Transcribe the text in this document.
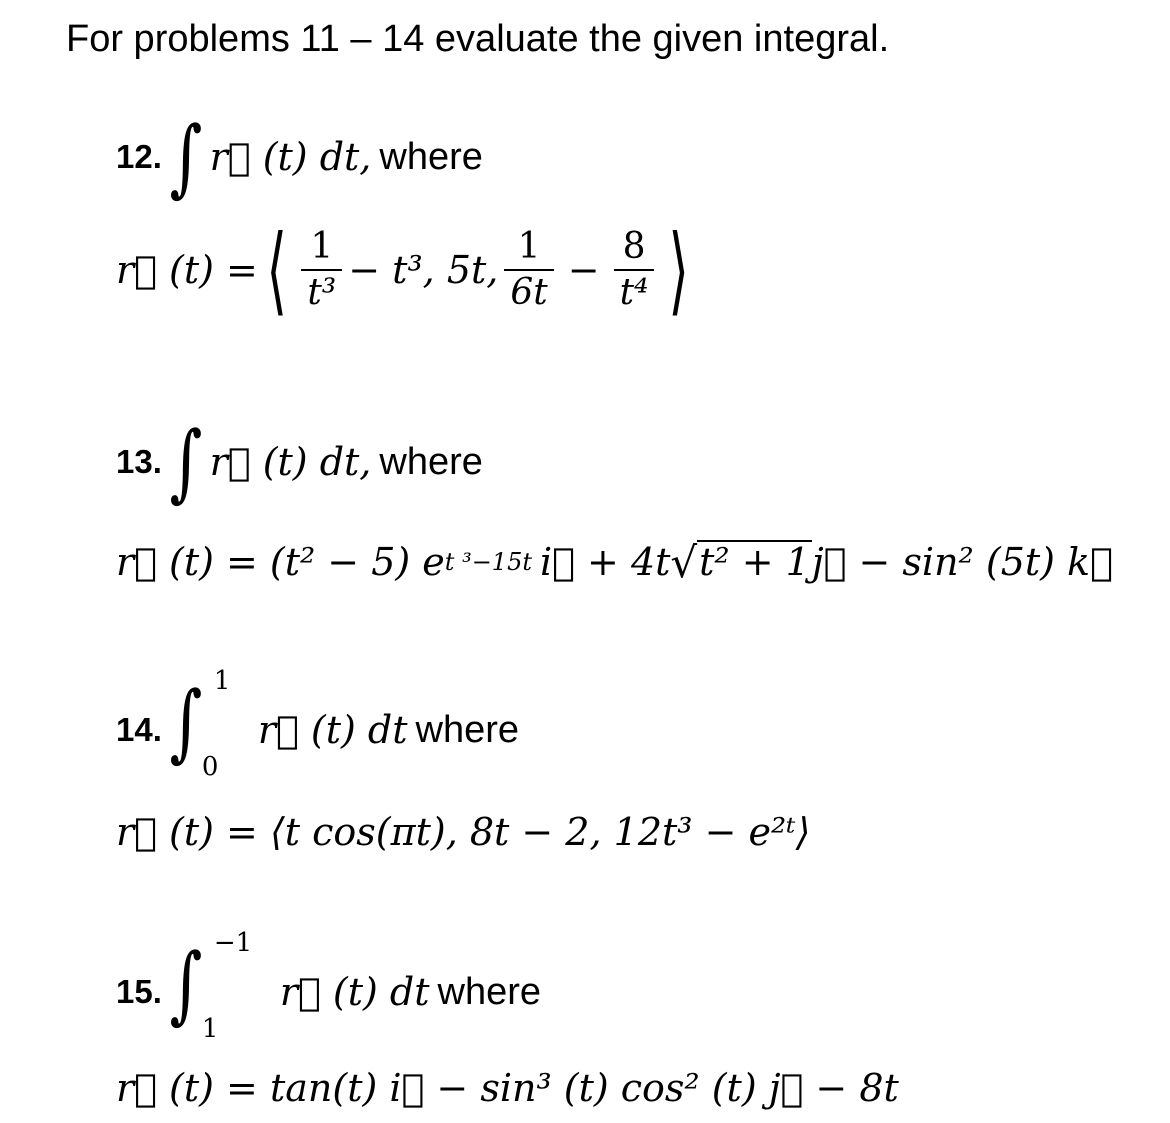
For problems 11 – 14 evaluate the given integral.
12. ∫ r⃗ (t) dt, where
r⃗ (t) = ⟨ $\frac{1}{\text{t³}} - t^3$, 5t, $\frac{1}{6t} - \frac{8}{\text{t⁴}}$ ⟩
13. ∫ r⃗ (t) dt, where
r⃗ (t) = (t² − 5) e t ³−15t i⃗ + 4t √ t² + 1 j⃗ − sin² (5t) k⃗
14. ∫ 1
0
r⃗ (t) dt where
r⃗ (t) = ⟨t cos(πt), 8t − 2, 12t³ − e²ᵗ⟩
15. ∫ −1
1
r⃗ (t) dt where
r⃗ (t) = tan(t) i⃗ − sin³ (t) cos² (t) j⃗ − 8t
